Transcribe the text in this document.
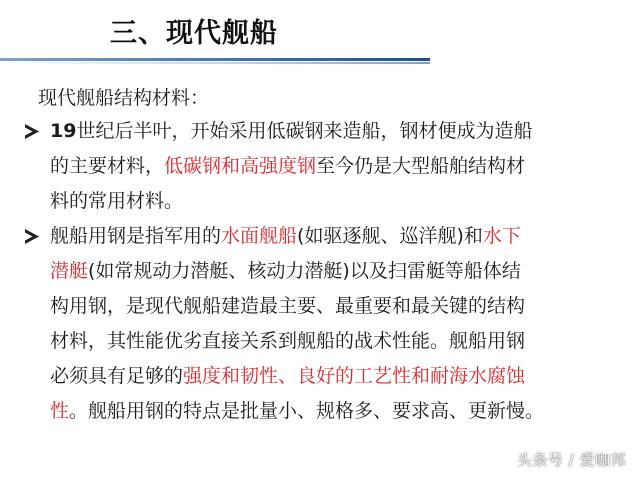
三、现代舰船
现代舰船结构材料：
19世纪后半叶，开始采用低碳钢来造船，钢材便成为造船
的主要材料，低碳钢和高强度钢至今仍是大型船舶结构材
料的常用材料。
舰船用钢是指军用的水面舰船(如驱逐舰、巡洋舰)和水下
潜艇(如常规动力潜艇、核动力潜艇)以及扫雷艇等船体结
构用钢，是现代舰船建造最主要、最重要和最关键的结构
材料，其性能优劣直接关系到舰船的战术性能。舰船用钢
必须具有足够的强度和韧性、良好的工艺性和耐海水腐蚀
性。舰船用钢的特点是批量小、规格多、要求高、更新慢。
头条号 / 爱咖邦
